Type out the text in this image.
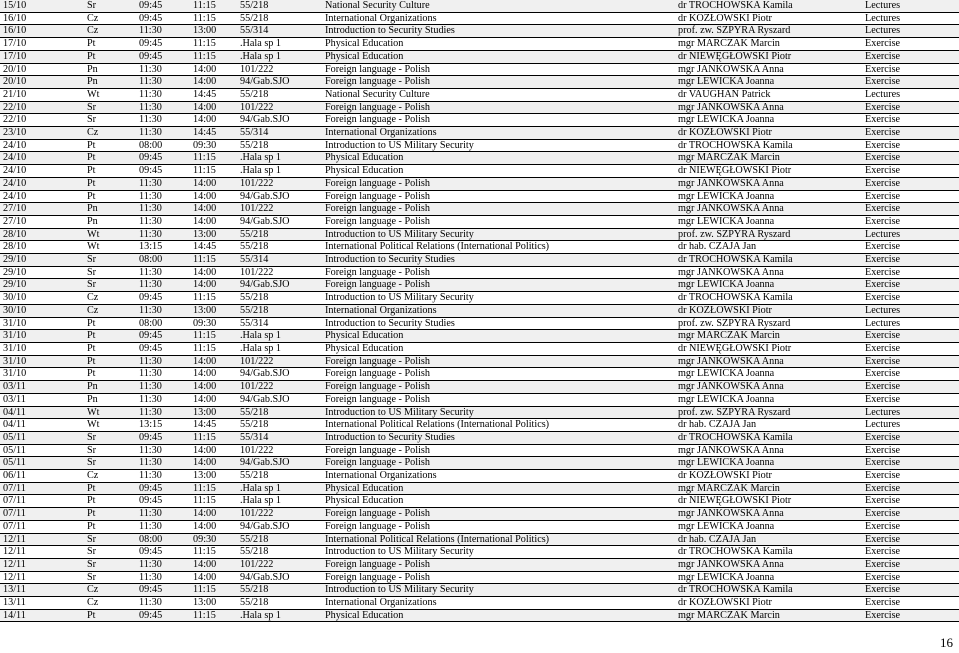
15/10	Śr	09:45	11:15	55/218	National Security Culture	dr TROCHOWSKA Kamila	Lectures
16/10	Cz	09:45	11:15	55/218	International Organizations	dr KOZŁOWSKI Piotr	Lectures
16/10	Cz	11:30	13:00	55/314	Introduction to Security Studies	prof. zw. SZPYRA Ryszard	Lectures
17/10	Pt	09:45	11:15	.Hala sp 1	Physical Education	mgr MARCZAK Marcin	Exercise
17/10	Pt	09:45	11:15	.Hala sp 1	Physical Education	dr NIEWĘGŁOWSKI Piotr	Exercise
20/10	Pn	11:30	14:00	101/222	Foreign language - Polish	mgr JANKOWSKA Anna	Exercise
20/10	Pn	11:30	14:00	94/Gab.SJO	Foreign language - Polish	mgr LEWICKA Joanna	Exercise
21/10	Wt	11:30	14:45	55/218	National Security Culture	dr VAUGHAN Patrick	Lectures
22/10	Śr	11:30	14:00	101/222	Foreign language - Polish	mgr JANKOWSKA Anna	Exercise
22/10	Śr	11:30	14:00	94/Gab.SJO	Foreign language - Polish	mgr LEWICKA Joanna	Exercise
23/10	Cz	11:30	14:45	55/314	International Organizations	dr KOZŁOWSKI Piotr	Exercise
24/10	Pt	08:00	09:30	55/218	Introduction to US Military Security	dr TROCHOWSKA Kamila	Exercise
24/10	Pt	09:45	11:15	.Hala sp 1	Physical Education	mgr MARCZAK Marcin	Exercise
24/10	Pt	09:45	11:15	.Hala sp 1	Physical Education	dr NIEWĘGŁOWSKI Piotr	Exercise
24/10	Pt	11:30	14:00	101/222	Foreign language - Polish	mgr JANKOWSKA Anna	Exercise
24/10	Pt	11:30	14:00	94/Gab.SJO	Foreign language - Polish	mgr LEWICKA Joanna	Exercise
27/10	Pn	11:30	14:00	101/222	Foreign language - Polish	mgr JANKOWSKA Anna	Exercise
27/10	Pn	11:30	14:00	94/Gab.SJO	Foreign language - Polish	mgr LEWICKA Joanna	Exercise
28/10	Wt	11:30	13:00	55/218	Introduction to US Military Security	prof. zw. SZPYRA Ryszard	Lectures
28/10	Wt	13:15	14:45	55/218	International Political Relations (International Politics)	dr hab. CZAJA Jan	Exercise
29/10	Śr	08:00	11:15	55/314	Introduction to Security Studies	dr TROCHOWSKA Kamila	Exercise
29/10	Śr	11:30	14:00	101/222	Foreign language - Polish	mgr JANKOWSKA Anna	Exercise
29/10	Śr	11:30	14:00	94/Gab.SJO	Foreign language - Polish	mgr LEWICKA Joanna	Exercise
30/10	Cz	09:45	11:15	55/218	Introduction to US Military Security	dr TROCHOWSKA Kamila	Exercise
30/10	Cz	11:30	13:00	55/218	International Organizations	dr KOZŁOWSKI Piotr	Lectures
31/10	Pt	08:00	09:30	55/314	Introduction to Security Studies	prof. zw. SZPYRA Ryszard	Lectures
31/10	Pt	09:45	11:15	.Hala sp 1	Physical Education	mgr MARCZAK Marcin	Exercise
31/10	Pt	09:45	11:15	.Hala sp 1	Physical Education	dr NIEWĘGŁOWSKI Piotr	Exercise
31/10	Pt	11:30	14:00	101/222	Foreign language - Polish	mgr JANKOWSKA Anna	Exercise
31/10	Pt	11:30	14:00	94/Gab.SJO	Foreign language - Polish	mgr LEWICKA Joanna	Exercise
03/11	Pn	11:30	14:00	101/222	Foreign language - Polish	mgr JANKOWSKA Anna	Exercise
03/11	Pn	11:30	14:00	94/Gab.SJO	Foreign language - Polish	mgr LEWICKA Joanna	Exercise
04/11	Wt	11:30	13:00	55/218	Introduction to US Military Security	prof. zw. SZPYRA Ryszard	Lectures
04/11	Wt	13:15	14:45	55/218	International Political Relations (International Politics)	dr hab. CZAJA Jan	Lectures
05/11	Śr	09:45	11:15	55/314	Introduction to Security Studies	dr TROCHOWSKA Kamila	Exercise
05/11	Śr	11:30	14:00	101/222	Foreign language - Polish	mgr JANKOWSKA Anna	Exercise
05/11	Śr	11:30	14:00	94/Gab.SJO	Foreign language - Polish	mgr LEWICKA Joanna	Exercise
06/11	Cz	11:30	13:00	55/218	International Organizations	dr KOZŁOWSKI Piotr	Exercise
07/11	Pt	09:45	11:15	.Hala sp 1	Physical Education	mgr MARCZAK Marcin	Exercise
07/11	Pt	09:45	11:15	.Hala sp 1	Physical Education	dr NIEWĘGŁOWSKI Piotr	Exercise
07/11	Pt	11:30	14:00	101/222	Foreign language - Polish	mgr JANKOWSKA Anna	Exercise
07/11	Pt	11:30	14:00	94/Gab.SJO	Foreign language - Polish	mgr LEWICKA Joanna	Exercise
12/11	Śr	08:00	09:30	55/218	International Political Relations (International Politics)	dr hab. CZAJA Jan	Exercise
12/11	Śr	09:45	11:15	55/218	Introduction to US Military Security	dr TROCHOWSKA Kamila	Exercise
12/11	Śr	11:30	14:00	101/222	Foreign language - Polish	mgr JANKOWSKA Anna	Exercise
12/11	Śr	11:30	14:00	94/Gab.SJO	Foreign language - Polish	mgr LEWICKA Joanna	Exercise
13/11	Cz	09:45	11:15	55/218	Introduction to US Military Security	dr TROCHOWSKA Kamila	Exercise
13/11	Cz	11:30	13:00	55/218	International Organizations	dr KOZŁOWSKI Piotr	Exercise
14/11	Pt	09:45	11:15	.Hala sp 1	Physical Education	mgr MARCZAK Marcin	Exercise
16
